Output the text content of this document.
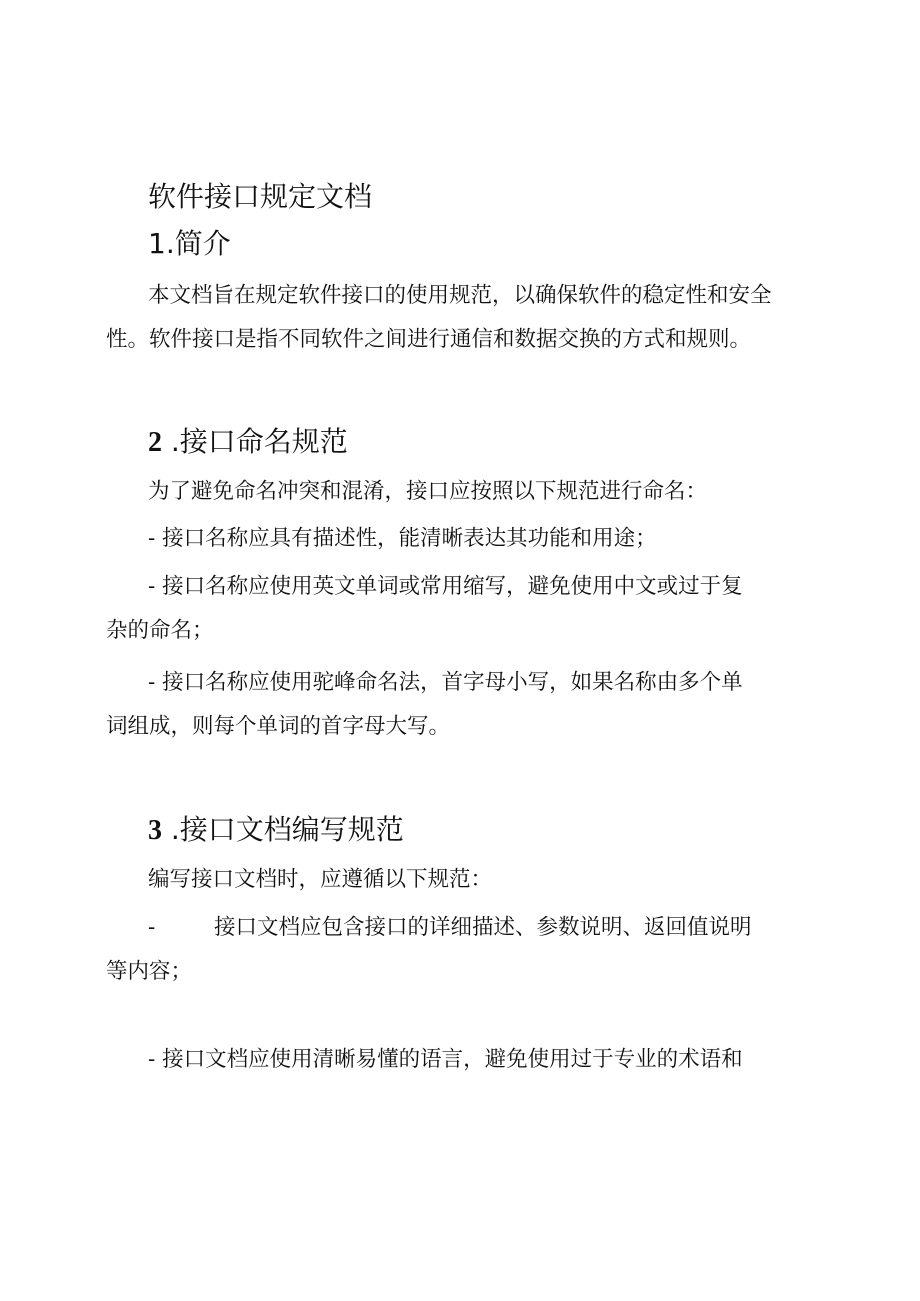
软件接口规定文档
1.简介
本文档旨在规定软件接口的使用规范，以确保软件的稳定性和安全
性。软件接口是指不同软件之间进行通信和数据交换的方式和规则。
2 .接口命名规范
为了避免命名冲突和混淆，接口应按照以下规范进行命名：
- 接口名称应具有描述性，能清晰表达其功能和用途；
- 接口名称应使用英文单词或常用缩写，避免使用中文或过于复
杂的命名；
- 接口名称应使用驼峰命名法，首字母小写，如果名称由多个单
词组成，则每个单词的首字母大写。
3 .接口文档编写规范
编写接口文档时，应遵循以下规范：
-	接口文档应包含接口的详细描述、参数说明、返回值说明
等内容；
- 接口文档应使用清晰易懂的语言，避免使用过于专业的术语和
